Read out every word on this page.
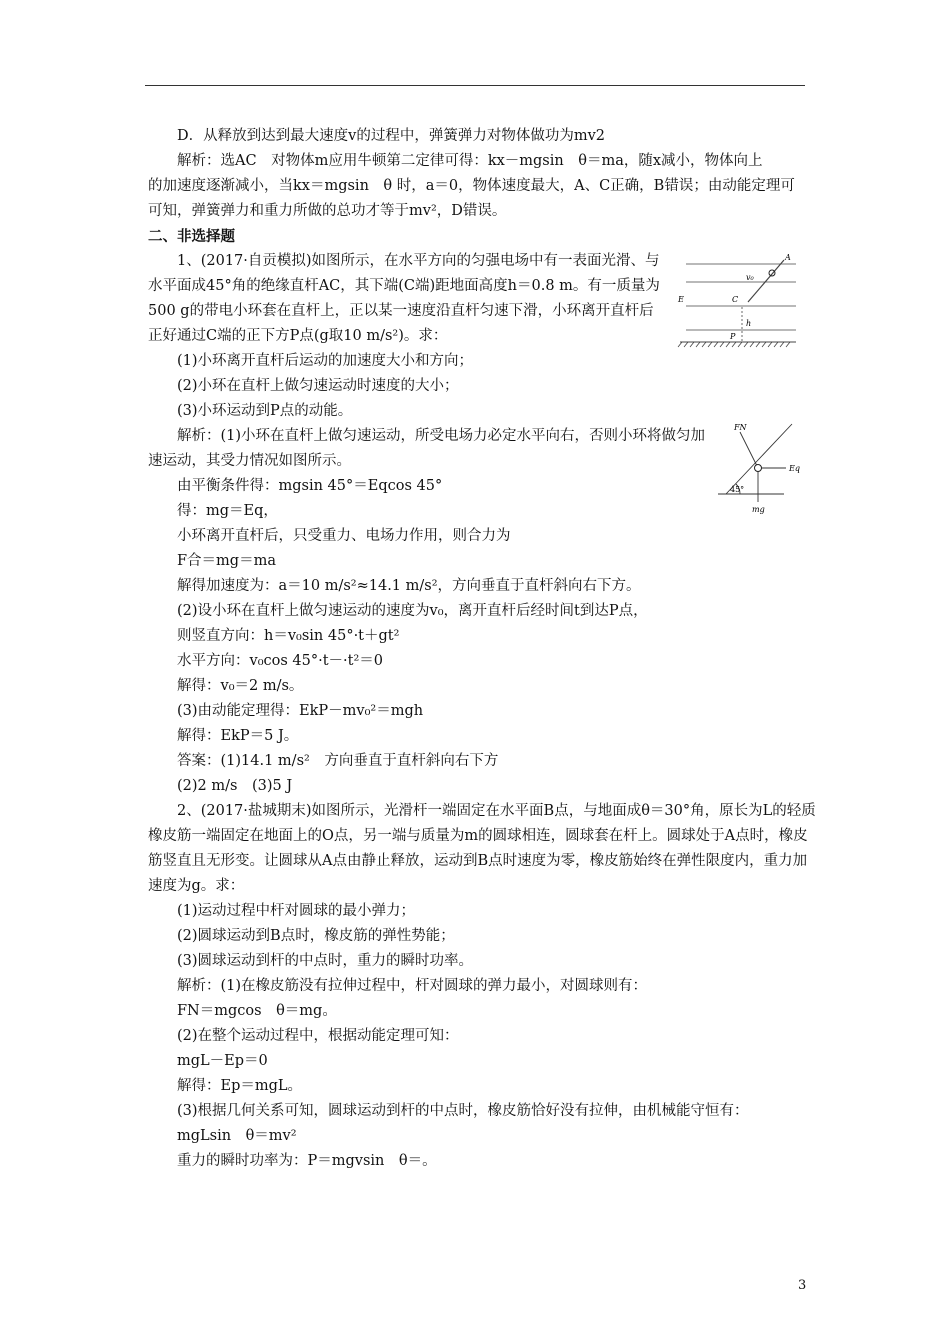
D．从释放到达到最大速度v的过程中，弹簧弹力对物体做功为mv2

解析：选AC　对物体m应用牛顿第二定律可得：kx－mgsin　θ＝ma，随x减小，物体向上

的加速度逐渐减小，当kx＝mgsin　θ 时，a＝0，物体速度最大，A、C正确，B错误；由动能定理可

可知，弹簧弹力和重力所做的总功才等于mv²，D错误。

二、非选择题

1、(2017·自贡模拟)如图所示，在水平方向的匀强电场中有一表面光滑、与水平面成45°角的绝缘直杆AC，其下端(C端)距地面高度h＝0.8 m。有一质量为500 g的带电小环套在直杆上，正以某一速度沿直杆匀速下滑，小环离开直杆后正好通过C端的正下方P点(g取10 m/s²)。求：

(1)小环离开直杆后运动的加速度大小和方向；

(2)小环在直杆上做匀速运动时速度的大小；

(3)小环运动到P点的动能。

解析：(1)小环在直杆上做匀速运动，所受电场力必定水平向右，否则小环将做匀加速运动，其受力情况如图所示。

由平衡条件得：mgsin 45°＝Eqcos 45°

得：mg＝Eq，

小环离开直杆后，只受重力、电场力作用，则合力为

F合＝mg＝ma

解得加速度为：a＝10 m/s²≈14.1 m/s²，方向垂直于直杆斜向右下方。

(2)设小环在直杆上做匀速运动的速度为v₀，离开直杆后经时间t到达P点，

则竖直方向：h＝v₀sin 45°·t＋gt²

水平方向：v₀cos 45°·t－·t²＝0

解得：v₀＝2 m/s。

(3)由动能定理得：EkP－mv₀²＝mgh

解得：EkP＝5 J。

答案：(1)14.1 m/s²　方向垂直于直杆斜向右下方

(2)2 m/s　(3)5 J

2、(2017·盐城期末)如图所示，光滑杆一端固定在水平面B点，与地面成θ＝30°角，原长为L的轻质橡皮筋一端固定在地面上的O点，另一端与质量为m的圆球相连，圆球套在杆上。圆球处于A点时，橡皮筋竖直且无形变。让圆球从A点由静止释放，运动到B点时速度为零，橡皮筋始终在弹性限度内，重力加速度为g。求：

(1)运动过程中杆对圆球的最小弹力；

(2)圆球运动到B点时，橡皮筋的弹性势能；

(3)圆球运动到杆的中点时，重力的瞬时功率。

解析：(1)在橡皮筋没有拉伸过程中，杆对圆球的弹力最小，对圆球则有：

FN＝mgcos　θ＝mg。

(2)在整个运动过程中，根据动能定理可知：

mgL－Ep＝0

解得：Ep＝mgL。

(3)根据几何关系可知，圆球运动到杆的中点时，橡皮筋恰好没有拉伸，由机械能守恒有：

mgLsin　θ＝mv²

重力的瞬时功率为：P＝mgvsin　θ＝。

A
v₀
C
E
h
P
FN
Eq
mg
45°
3
